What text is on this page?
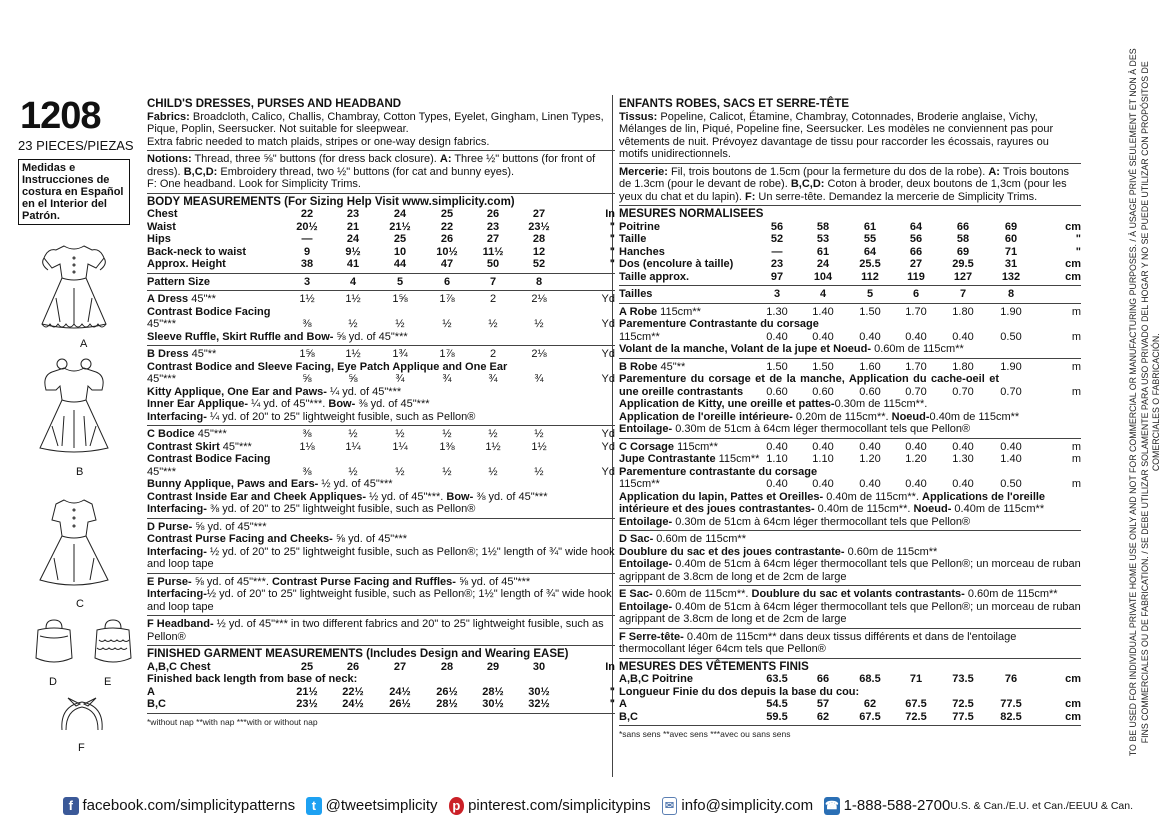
1208
23 PIECES/PIEZAS
Medidas e Instrucciones de costura en Español en el Interior del Patrón.
A
B
C
D	E
F
CHILD'S DRESSES, PURSES AND HEADBAND
Fabrics: Broadcloth, Calico, Challis, Chambray, Cotton Types, Eyelet, Gingham, Linen Types, Pique, Poplin, Seersucker. Not suitable for sleepwear.
Extra fabric needed to match plaids, stripes or one-way design fabrics.
Notions: Thread, three ⅝" buttons (for dress back closure). A: Three ½" buttons (for front of dress). B,C,D: Embroidery thread, two ½" buttons (for cat and bunny eyes).
F: One headband. Look for Simplicity Trims.
BODY MEASUREMENTS (For Sizing Help Visit www.simplicity.com)
Chest	22	23	24	25	26	27	In
Waist	20½	21	21½	22	23	23½	"
Hips	—	24	25	26	27	28	"
Back-neck to waist	9	9½	10	10½	11½	12	"
Approx. Height	38	41	44	47	50	52	"
Pattern Size	3	4	5	6	7	8
A Dress 45"**	1½	1½	1⅝	1⅞	2	2⅛	Yd
Contrast Bodice Facing
45"***	⅜	½	½	½	½	½	Yd
Sleeve Ruffle, Skirt Ruffle and Bow- ⅝ yd. of 45"***
B Dress 45"**	1⅝	1½	1¾	1⅞	2	2⅛	Yd
Contrast Bodice and Sleeve Facing, Eye Patch Applique and One Ear
45"***	⅝	⅝	¾	¾	¾	¾	Yd
Kitty Applique, One Ear and Paws- ¼ yd. of 45"***
Inner Ear Applique- ¼ yd. of 45"***. Bow- ⅜ yd. of 45"***
Interfacing- ¼ yd. of 20" to 25" lightweight fusible, such as Pellon®
C Bodice 45"***	⅜	½	½	½	½	½	Yd
Contrast Skirt 45"***	1⅛	1¼	1¼	1⅜	1½	1½	Yd
Contrast Bodice Facing
45"***	⅜	½	½	½	½	½	Yd
Bunny Applique, Paws and Ears- ½ yd. of 45"***
Contrast Inside Ear and Cheek Appliques- ½ yd. of 45"***. Bow- ⅜ yd. of 45"***
Interfacing- ⅜ yd. of 20" to 25" lightweight fusible, such as Pellon®
D Purse- ⅝ yd. of 45"***
Contrast Purse Facing and Cheeks- ⅝ yd. of 45"***
Interfacing- ½ yd. of 20" to 25" lightweight fusible, such as Pellon®; 1½" length of ¾" wide hook and loop tape
E Purse- ⅝ yd. of 45"***. Contrast Purse Facing and Ruffles- ⅝ yd. of 45"***
Interfacing-½ yd. of 20" to 25" lightweight fusible, such as Pellon®; 1½" length of ¾" wide hook and loop tape
F Headband- ½ yd. of 45"*** in two different fabrics and 20" to 25" lightweight fusible, such as Pellon®
FINISHED GARMENT MEASUREMENTS (Includes Design and Wearing EASE)
A,B,C Chest	25	26	27	28	29	30	In
Finished back length from base of neck:
A	21½	22½	24½	26½	28½	30½	"
B,C	23½	24½	26½	28½	30½	32½	"
*without nap **with nap ***with or without nap
ENFANTS ROBES, SACS ET SERRE-TÊTE
Tissus: Popeline, Calicot, Étamine, Chambray, Cotonnades, Broderie anglaise, Vichy, Mélanges de lin, Piqué, Popeline fine, Seersucker. Les modèles ne conviennent pas pour vêtements de nuit. Prévoyez davantage de tissu pour raccorder les écossais, rayures ou motifs unidirectionnels.
Mercerie: Fil, trois boutons de 1.5cm (pour la fermeture du dos de la robe). A: Trois boutons de 1.3cm (pour le devant de robe). B,C,D: Coton à broder, deux boutons de 1,3cm (pour les yeux du chat et du lapin). F: Un serre-tête. Demandez la mercerie de Simplicity Trims.
MESURES NORMALISEES
Poitrine	56	58	61	64	66	69	cm
Taille	52	53	55	56	58	60	"
Hanches	—	61	64	66	69	71	"
Dos (encolure à taille)	23	24	25.5	27	29.5	31	cm
Taille approx.	97	104	112	119	127	132	cm
Tailles	3	4	5	6	7	8
A Robe 115cm**	1.30	1.40	1.50	1.70	1.80	1.90	m
Parementure Contrastante du corsage
115cm**	0.40	0.40	0.40	0.40	0.40	0.50	m
Volant de la manche, Volant de la jupe et Noeud- 0.60m de 115cm**
B Robe 45"**	1.50	1.50	1.60	1.70	1.80	1.90	m
Parementure du corsage et de la manche, Application du cache-oeil et une oreille contrastants	0.60	0.60	0.60	0.70	0.70	0.70	m
Application de Kitty, une oreille et pattes-0.30m de 115cm**.
Application de l'oreille intérieure- 0.20m de 115cm**. Noeud-0.40m de 115cm**
Entoilage- 0.30m de 51cm à 64cm léger thermocollant tels que Pellon®
C Corsage 115cm**	0.40	0.40	0.40	0.40	0.40	0.40	m
Jupe Contrastante 115cm** 1.10	1.10	1.20	1.20	1.30	1.40	m
Parementure contrastante du corsage
115cm**	0.40	0.40	0.40	0.40	0.40	0.50	m
Application du lapin, Pattes et Oreilles- 0.40m de 115cm**. Applications de l'oreille intérieure et des joues contrastantes- 0.40m de 115cm**. Noeud- 0.40m de 115cm**
Entoilage- 0.30m de 51cm à 64cm léger thermocollant tels que Pellon®
D Sac- 0.60m de 115cm**
Doublure du sac et des joues contrastante- 0.60m de 115cm**
Entoilage- 0.40m de 51cm à 64cm léger thermocollant tels que Pellon®; un morceau de ruban agrippant de 3.8cm de long et de 2cm de large
E Sac- 0.60m de 115cm**. Doublure du sac et volants contrastants- 0.60m de 115cm**
Entoilage- 0.40m de 51cm à 64cm léger thermocollant tels que Pellon®; un morceau de ruban agrippant de 3.8cm de long et de 2cm de large
F Serre-tête- 0.40m de 115cm** dans deux tissus différents et dans de l'entoilage thermocollant léger 64cm tels que Pellon®
MESURES DES VÊTEMENTS FINIS
A,B,C Poitrine	63.5	66	68.5	71	73.5	76	cm
Longueur Finie du dos depuis la base du cou:
A	54.5	57	62	67.5	72.5	77.5	cm
B,C	59.5	62	67.5	72.5	77.5	82.5	cm
*sans sens **avec sens ***avec ou sans sens	TO BE USED FOR INDIVIDUAL PRIVATE HOME USE ONLY AND NOT FOR COMMERCIAL OR MANUFACTURING PURPOSES. / À USAGE PRIVÉ SEULEMENT ET NON À DES FINS COMMERCIALES OU DE FABRICATION. / SE DEBE UTILIZAR SOLAMENTE PARA USO PRIVADO DEL HOGAR Y NO SE PUEDE UTILIZAR CON PROPÓSITOS DE COMERCIALES O FABRICACIÓN.
f facebook.com/simplicitypatterns	t @tweetsimplicity p pinterest.com/simplicitypins ✉ info@simplicity.com ☎ 1-888-588-2700 U.S. & Can./E.U. et Can./EEUU & Can.
